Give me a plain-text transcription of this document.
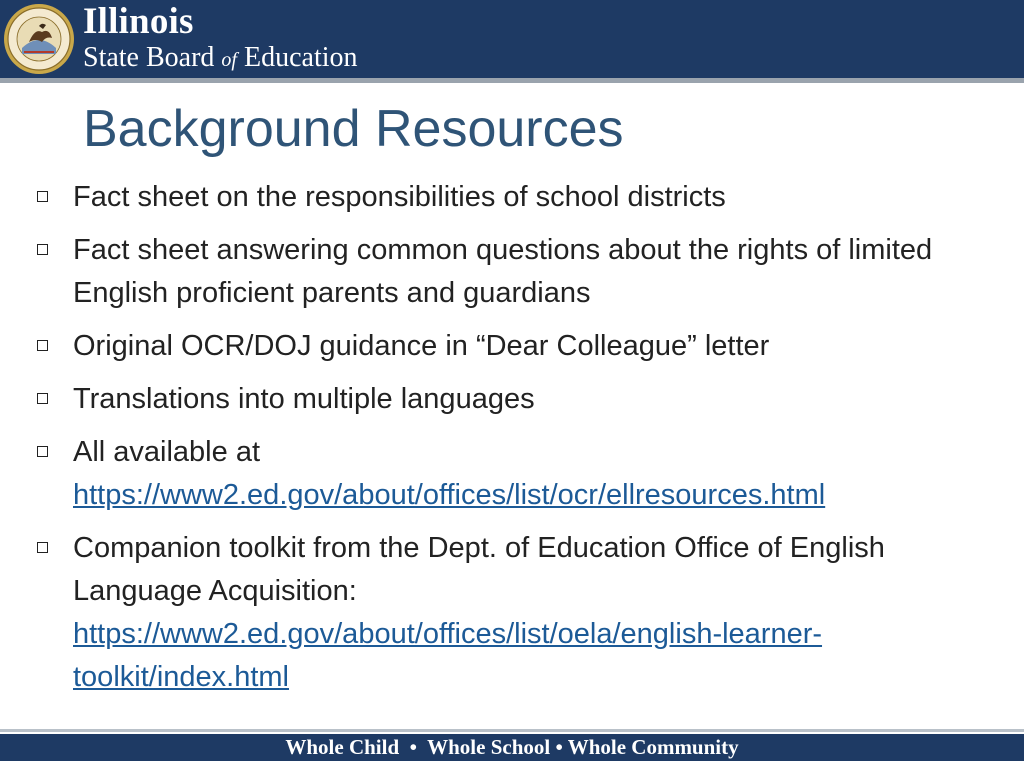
Illinois
State Board of Education
Background Resources
Fact sheet on the responsibilities of school districts
Fact sheet answering common questions about the rights of limited English proficient parents and guardians
Original OCR/DOJ guidance in “Dear Colleague” letter
Translations into multiple languages
All available at
https://www2.ed.gov/about/offices/list/ocr/ellresources.html
Companion toolkit from the Dept. of Education Office of English Language Acquisition:
https://www2.ed.gov/about/offices/list/oela/english-learner-toolkit/index.html
Whole Child  •  Whole School • Whole Community
